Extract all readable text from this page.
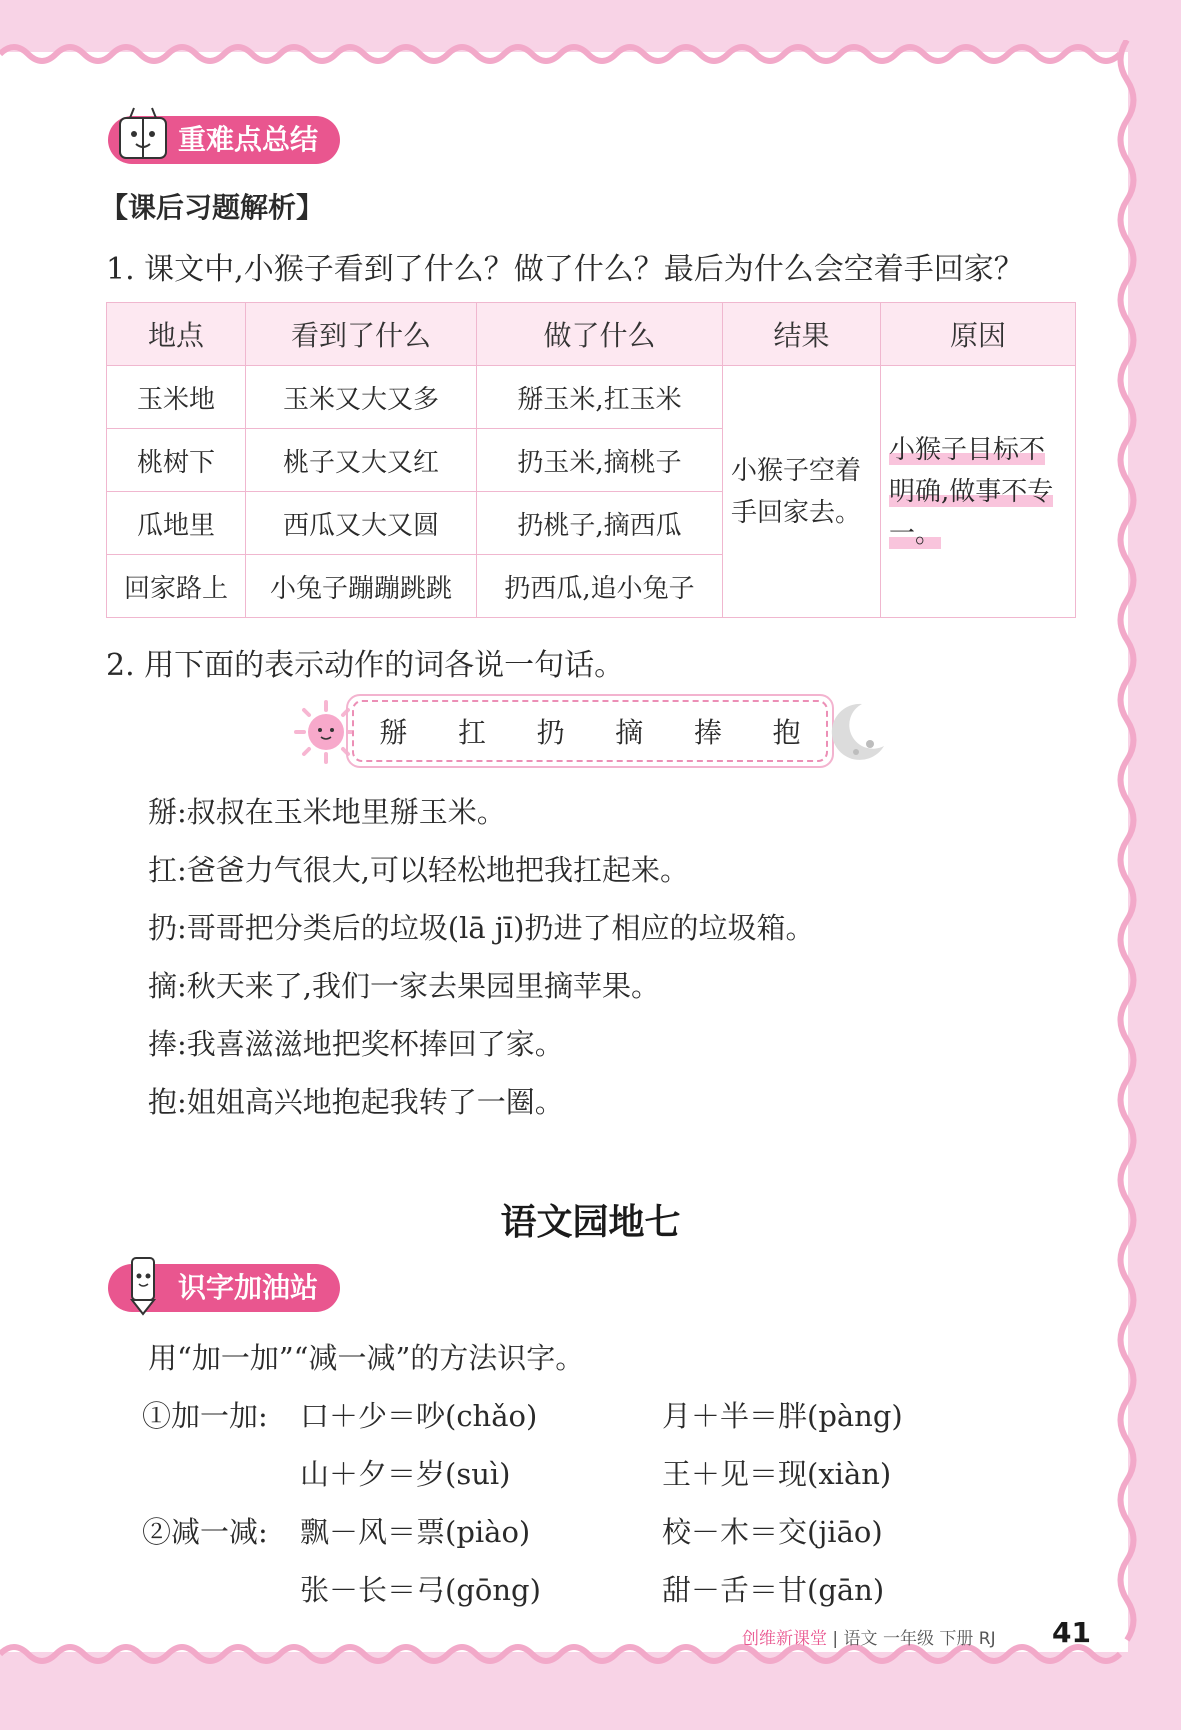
重难点总结
【课后习题解析】
1. 课文中,小猴子看到了什么？做了什么？最后为什么会空着手回家？
地点	看到了什么	做了什么	结果	原因
玉米地	玉米又大又多	掰玉米,扛玉米	小猴子空着手回家去。	小猴子目标不明确,做事不专一。
桃树下	桃子又大又红	扔玉米,摘桃子		
瓜地里	西瓜又大又圆	扔桃子,摘西瓜		
回家路上	小兔子蹦蹦跳跳	扔西瓜,追小兔子		
2. 用下面的表示动作的词各说一句话。
掰 扛 扔 摘 捧 抱
掰:叔叔在玉米地里掰玉米。
扛:爸爸力气很大,可以轻松地把我扛起来。
扔:哥哥把分类后的垃圾(lā jī)扔进了相应的垃圾箱。
摘:秋天来了,我们一家去果园里摘苹果。
捧:我喜滋滋地把奖杯捧回了家。
抱:姐姐高兴地抱起我转了一圈。
语文园地七
识字加油站
用“加一加”“减一减”的方法识字。
①加一加: 口＋少＝吵(chǎo)	月＋半＝胖(pàng)
山＋夕＝岁(suì)	王＋见＝现(xiàn)
②减一减: 飘－风＝票(piào)	校－木＝交(jiāo)
张－长＝弓(gōng)	甜－舌＝甘(gān)
创维新课堂 | 语文 一年级 下册 RJ 41
